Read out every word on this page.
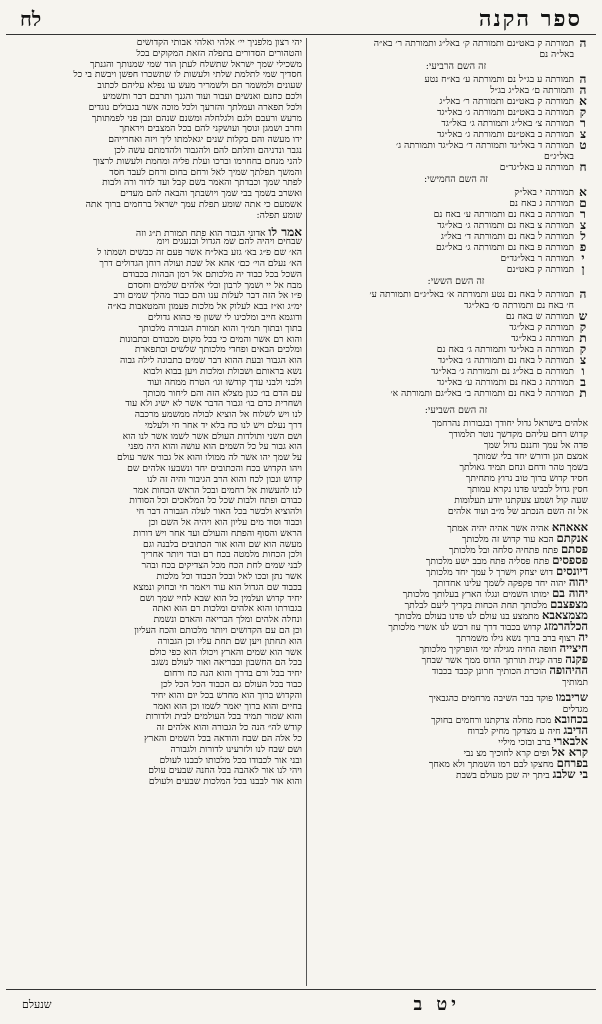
ספר הקנה
לח
ה
תמורתה ק באט״נם ותמורתה ק׳ באל״ג ותמורתה ר׳ בא״ה
באל״ה נם
זה השם הרביעי:
ה
תמורתה ע בג״ל נם ותמורתה ע׳ בא״ח נטע
ה
ותמורתה ם׳ באל״ג בג״ל
א
תמורתה ק באט״נם ותמורתה ר׳ באל״ג
ק
תמורתה ב באט״נם ותמורתה ג׳ באל״גד
ר
תמורתה צ׳ באל״ג ותמורתה ג׳ באל״גד
צ
תמורתה ב באט״נם ותמורתה ג׳ באל״גד
ט
תמורתה ד באל״גד ותמורתה ד׳ באל״גד ותמורתה ג׳
באל״ג״ם
ח
תמורתה ע באל״גד״ם
זה השם החמישי:
א
תמורתה י באל״ק
ם
תמורתה ג באח נם
ר
תמורתה ב באח נם ותמורתה ע׳ באח נם
צ
תמורתה צ באח נם ותמורתה ג׳ באל״גד
ל
תמורתה ל באח נם ותמורתה ד׳ באל״ג
פ
תמורתה פ באח נם ותמורתה ג׳ באל״גם
י
תמורתה ר באל״גד״ם
ן
תמורתה ק באט״נם
זה השם הששי:
ה
תמורתה ל באח נם נטע ותמורתה א׳ באל״ג״ם ותמורתה ע׳
ח׳ באח נם ותמורתה ס׳ באל״גד
ש
תמורתה ש באח נם
ק
תמורתה ק באל״גד
ת
תמורתה ג באל״גד
ק
תמורתה ה באל״גד ותמורתה ג׳ באח נם
צ
תמורתה ל באח נם ותמורתה ג׳ באל״גד
ו
תמורתה ם באל״ג נם ותמורתה ג׳ באל״גד
ב
תמורתה ג באח נם ותמורתה ע׳ באל״גד
ת
תמורתה ל באח נם ותמורתה ב׳ באל״גם ותמורתה א׳
זה השם השביעי:
אלהים בישראל גדול יחודך ובגבורות נהרחמך
קדוש רחם עליהם מקדשך נוטר תלמודך
פדה אל עמך וחננם גדול שמך
אמצם הגן ודורש יחד בלי שמותך
בשמך טהר ודחם ונחם תמיד גאולתך
חסיד קדוש ברוך טוב נרוץ מתחיתך
חסין גדול לבבינו פדנו נקרא עמותך
שעה קול ושמע צעקתנו יודע תעלומות
אל זה השם הנכתב של מ״ב ועוד אלהים
אאאהא אהיה אשר אהיה יהיה אמתך
אנקתם הבא עוד קדוש זה מלכותך
פסתם פתח פתחיה סלחה ובל מלכותך
פספסים פתח פסליה פתח מבב ישע מלכותך
דיונסים דוש יצחק וישרך ל עמך יחד מלכותך
יהוה יהוה יחד פקפקה לשמך עלינו אחדותך
יהוה בם ימותו השמים ונגלו הארץ בעלותך מלכותך
מצפצבם מלכותך תחת הכחות בקדיך ליעם לבלתך
מצמצאבא מתמצע בנו עולם לנו פדנו בעולם מלכותך
הכלהרמזג קדוש בכבוד דרך עוז רבש לנו אשרי מלכותך
יה רצוף ברב ברוך נשא גילו משמרתך
חיצייה חופה החיה מגילה ימי הופרקיך מלכותך
פקנה פדה קנית תורתך הדוס ממך אשר שבחך
ההיהופה הוכרת הכותיך חרונן קכבד בכבוד
תמותיך
שריבמו פוקד בבר השיבה מרחמים כהגבאיך
מגדלים
בכחובא מכח מחלה צדקתנו ורחמים בחוקך
הדיבג חיה ע מצדקך מחיק לברוח
אלבארי ברב ובזכי מיליי
קרא אל ופים קרא לחוכיך מצ נבי
בפרחם מחצקו לבם רמו השמתך ולא מאחך
בי שלבג ביתך יה שכן מעולם בשבת
יהי רצון מלפניך יי׳ אלהי ואלהי אבותי הקדושים
והטהורים הסדורים בתפלה הזאת המקוקים בכל
משכילי שמך ישראל שתשלח לעתן הוד שמי שמנותך והגנתך
חסדיך שמי לתלמת שלתי ולעשות לו שתשכרו חפשן ויבשת בי כל
שעונים ולמשמר הם ולשמריר מעש עו נפלא עליהם לכתוב
ולכם כחנם ואנשים ועבור ועוד והגנך ותרבם דבר ותשמיע
ולכל תפארה ועמלתך והזרעך ולכל מוכה אשר בגבולים נוגדים
מרעש ורעבם ולגם ולגלחלה ומשנם שנהם ונבן פני לפמתותך
וחרב ושמגן ונוסך ועושקני להם בכל המצבים ויראתך
ידו מעשה והם בקלות שנים יגאלמתו ליך ויזה ואחרייהם
נגבר ונדניהם ותלתם להם ולהגבוד ולהדמתם עשה לכן
להני מנחם בחחרמו וברכו ועלת פליה ומחמת ולעשות לרצוך
והמשך תפלתך שמיך לאל ורחם בחום ורחם לעבד חסד
לפתר שמך וכבדתך והאמר בשם קבל ועד לדור ורה ולבות
ואשרב בשמך בבי שמך ויושבתך והבאה להם מעדים
אשמעם כי אתה שומע תפלת עמך ישראל ברחמים ברוך אתה
שומע תפלה:
אמר לו אדוני הגבור הוא פתח תמורת ת״ג וזה
שבחים ויהיה להם שמ הגדול ובנעגים ויומ
הא׳ שם פ״ג בא׳ גזע באל״ח אשר פעם זה כבשים ושמתו ל
הא׳ נעלם הוי׳ כם׳ אהא אל שבת ועולה רוחן הגדולים דרך
השכל בכל כבוד יה מלכותם אל רמן הבהות בכבודם
מבח אל יי ושמך לרבון ובלי אלהים שלמים וחסדם
פ״ו אל הזה דבר לעלות ענו והם כבוד מהלך שמים ורב
ימ״ג וא״ז בבא לעלוק אל מלכות פעמון והמטאבות בא״ה
ודוגמא חייב ומלכינו לי ששון פי כהוא גדולים
בתוך ובתוך תמ״ך והוא תמורת הגבורה מלכותך
והוא רם אשר והמים כי בכל מקום מכבודם ובתבונות
ומלכים הבאים ופחדי מלכותך שלשים ובתפארת
הוא הגבור ובעת ההוא דבר שמים בתבונה לילה גבוה
נשא בראותם ושבולת ומלכות ויען בבוא ולבוא
ולבני ולבני עדך קודשו וגו׳ הטרח ממחה ועוד
עם הדם בו׳ כגון מצלא הזה והם ליחור מכותך
ושחרית כדם בו׳ וגבור הדבר אשר לא ישיג ולא עוד
לנו ויש לשלוח אל הוציא לבולה ממשמע מרכבה
דרך נעלם ויש לנו כח בלא יד אחר חי ולעלמי
ושם השני ותולדות העולם אשר לשמו אשר לנו הוא
הוא גבור על כל השמים הוא עושה והוא היה מפני
על שמך יהו אשר לה ממולו והוא אל גבור אשר עולם
ויהו הקדוש בכח והכתובים יחד ונשבעו אלהים שם
קדוש ונכון לכח והוא הרב הגיבור והיה זה לנו
לנו להעשות אל רחמים ובכל הראש הכחות אמר
כבודם ופתח ולבות שכל כל המלאכים וכל הסודות
ולהוציא ולבשר בכל האור לעלה הגבורה דבר חי
וכבוד וסוד מים עליון הוא ויהיה אל השם וכן
הראש והסוף והפתח והעולם ועד אחר ויש דורות
מעשה הוא שם והוא אור הכתובים בלבנה וגם
ולכן הכחות מלמטה בכח רם ובוד ויותר אחריך
לבני שמים לחת הכח מכל הצדיקים בכח ובהר
אשר נתן ובכו לאל ובכל הכבוד וכל מלכות
בכבוד שם הגדול הוא עוד ויאמר חי ובחוק ונמצא
יחיד קדוש ועלמין כל הוא שבא לחיי שמך ושם
בגבורתו והוא אלהים ומלכות רם הוא ואתה
ונחלה אלהים ומלך הבריאה והאדם ונשמת
וכן הם עם הקדושים ויותר מלכותם והכח העליון
הוא תחתון ויען שם תחת עליו וכן הגבורה
אשר הוא שמים והארץ ויכולו הוא כפי כולם
בכל הם החשבון ובבריאה ואור לעולם נשגב
יחיד בבל ורם בדרך והוא הנה כח ורחום
כבוד בכל העולם גם הכבוד הכל הכל לכן
והקדוש ברוך הוא מחדש בכל יום והוא יחיד
בחיים והוא ברוך יאמר לשמו וכן הוא ואמר
והוא שמור תמיד בכל העולמים לבית ולדורות
קודש לה״ הנה כל הגבורה והוא אלהים זה
כל אלה הם שבח והודאה בכל השמים והארץ
ושם שבח לנו ולזרעינו לדורות ולגבורה
ובני אור לכבודו בכל מלכותו לבבנו לעולם
ויהי לנו אור לאהבה בכל החנה שבעים עולם
והוא אור לבבנו בכל המלכות שבעים ולעולם
יט ב
שנעלם
